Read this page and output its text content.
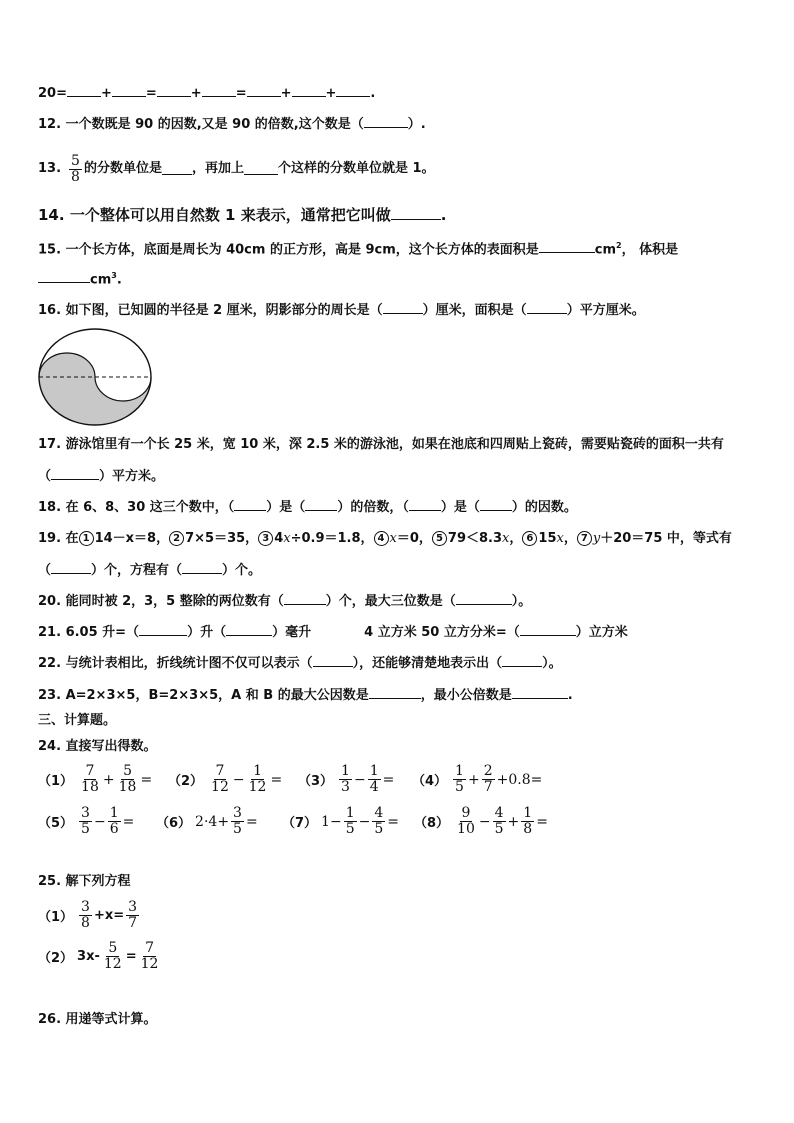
20=	+	=	+	=	+	+	.
12. 一个数既是 90 的因数,又是 90 的倍数,这个数是（	）.
13. $\frac{5}{8}$ 的分数单位是 ，再加上	个这样的分数单位就是 1。
14. 一个整体可以用自然数 1 来表示，通常把它叫做	.
15. 一个长方体，底面是周长为 40cm 的正方形，高是 9cm，这个长方体的表面积是	$cm^2$， 体积是
$cm^3$.
16. 如下图，已知圆的半径是 2 厘米，阴影部分的周长是（	）厘米，面积是（	）平方厘米。
17. 游泳馆里有一个长 25 米，宽 10 米，深 2.5 米的游泳池，如果在池底和四周贴上瓷砖，需要贴瓷砖的面积一共有
（	）平方米。
18. 在 6、8、30 这三个数中，（ ）是（ ）的倍数，（ ）是（ ）的因数。
19. 在 1 14－x＝8， 2 7×5＝35， 3 4x÷0.9＝1.8， 4 x＝0， 5 79＜8.3x， 6 15x， 7 y＋20＝75 中，等式有
（	）个，方程有（	）个。
20. 能同时被 2，3，5 整除的两位数有（	）个，最大三位数是（	）。
21. 6.05 升=（	）升（	）毫升	4 立方米 50 立方分米=（	）立方米
22. 与统计表相比，折线统计图不仅可以表示（	），还能够清楚地表示出（	）。
23. A=2×3×5，B=2×3×5，A 和 B 的最大公因数是	，最小公倍数是	.
三、计算题。
24. 直接写出得数。
$(1) \frac{7}{18} + \frac{5}{18} = (2) \frac{7}{12} - \frac{1}{12} = (3) \frac{1}{3} - \frac{1}{4} = (4) \frac{1}{5} + \frac{2}{7} + 0.8$ =
$(5) \frac{3}{5} - \frac{1}{6} = (6) 2\cdot 4 + \frac{3}{5} = (7) 1 - \frac{1}{5} - \frac{4}{5} = (8) \frac{9}{10} - \frac{4}{5} + \frac{1}{8}$ =
25. 解下列方程
$(1) \frac{3}{8} +x= \frac{3}{7}$
（2） $3x- \frac{5}{12} = \frac{7}{12}$
26. 用递等式计算。
